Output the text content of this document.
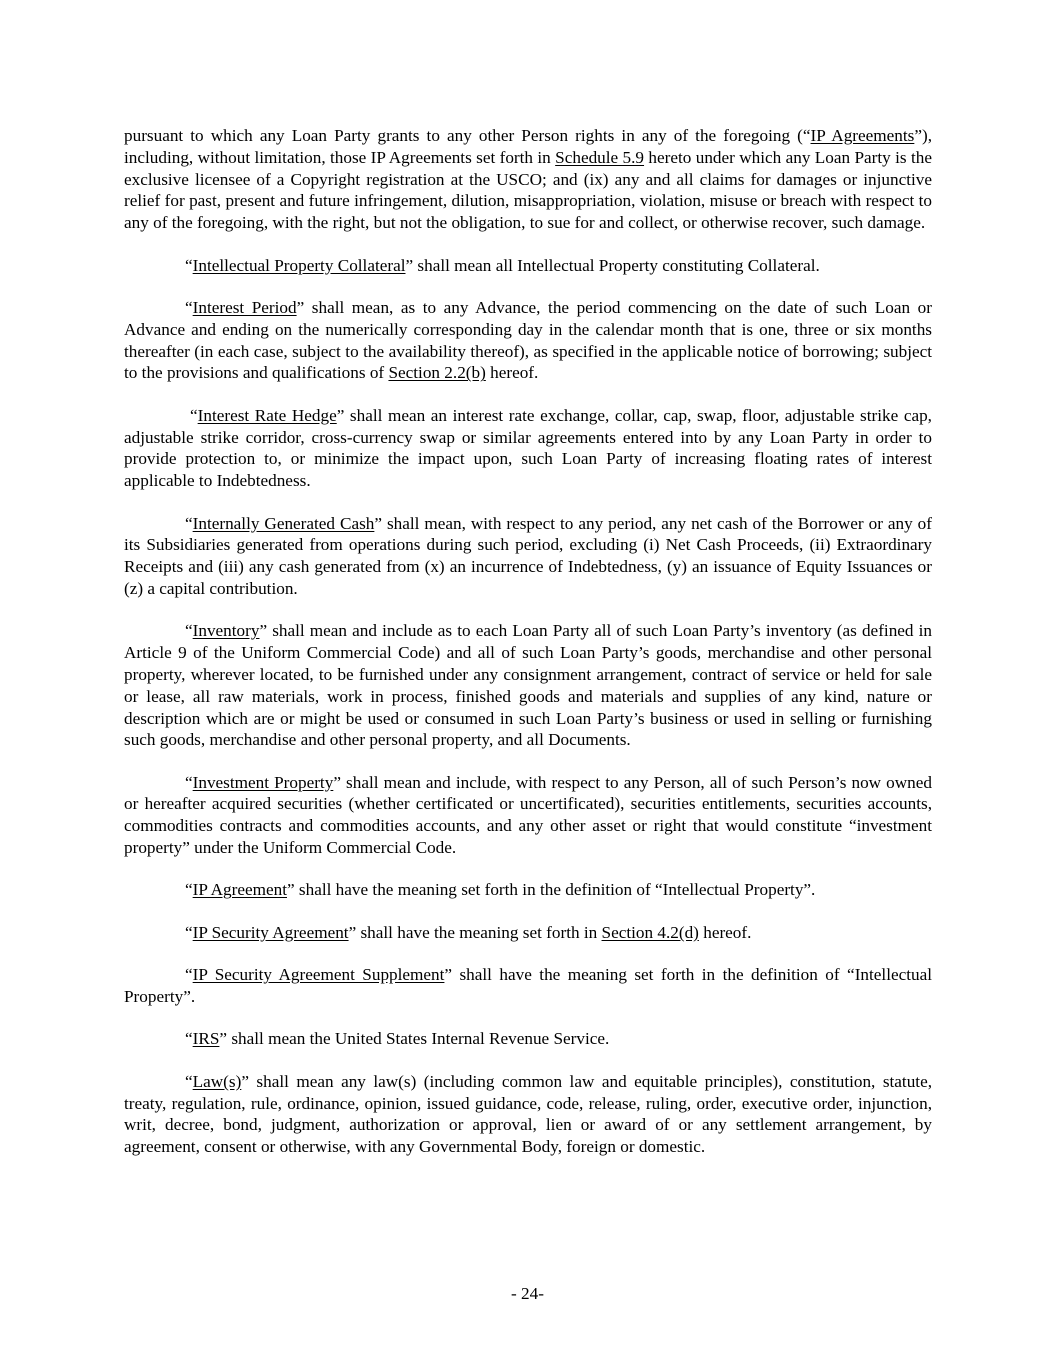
pursuant to which any Loan Party grants to any other Person rights in any of the foregoing (“IP Agreements”), including, without limitation, those IP Agreements set forth in Schedule 5.9 hereto under which any Loan Party is the exclusive licensee of a Copyright registration at the USCO; and (ix) any and all claims for damages or injunctive relief for past, present and future infringement, dilution, misappropriation, violation, misuse or breach with respect to any of the foregoing, with the right, but not the obligation, to sue for and collect, or otherwise recover, such damage.

“Intellectual Property Collateral” shall mean all Intellectual Property constituting Collateral.

“Interest Period” shall mean, as to any Advance, the period commencing on the date of such Loan or Advance and ending on the numerically corresponding day in the calendar month that is one, three or six months thereafter (in each case, subject to the availability thereof), as specified in the applicable notice of borrowing; subject to the provisions and qualifications of Section 2.2(b) hereof.

“Interest Rate Hedge” shall mean an interest rate exchange, collar, cap, swap, floor, adjustable strike cap, adjustable strike corridor, cross-currency swap or similar agreements entered into by any Loan Party in order to provide protection to, or minimize the impact upon, such Loan Party of increasing floating rates of interest applicable to Indebtedness.

“Internally Generated Cash” shall mean, with respect to any period, any net cash of the Borrower or any of its Subsidiaries generated from operations during such period, excluding (i) Net Cash Proceeds, (ii) Extraordinary Receipts and (iii) any cash generated from (x) an incurrence of Indebtedness, (y) an issuance of Equity Issuances or (z) a capital contribution.

“Inventory” shall mean and include as to each Loan Party all of such Loan Party’s inventory (as defined in Article 9 of the Uniform Commercial Code) and all of such Loan Party’s goods, merchandise and other personal property, wherever located, to be furnished under any consignment arrangement, contract of service or held for sale or lease, all raw materials, work in process, finished goods and materials and supplies of any kind, nature or description which are or might be used or consumed in such Loan Party’s business or used in selling or furnishing such goods, merchandise and other personal property, and all Documents.

“Investment Property” shall mean and include, with respect to any Person, all of such Person’s now owned or hereafter acquired securities (whether certificated or uncertificated), securities entitlements, securities accounts, commodities contracts and commodities accounts, and any other asset or right that would constitute “investment property” under the Uniform Commercial Code.

“IP Agreement” shall have the meaning set forth in the definition of “Intellectual Property”.

“IP Security Agreement” shall have the meaning set forth in Section 4.2(d) hereof.

“IP Security Agreement Supplement” shall have the meaning set forth in the definition of “Intellectual Property”.

“IRS” shall mean the United States Internal Revenue Service.

“Law(s)” shall mean any law(s) (including common law and equitable principles), constitution, statute, treaty, regulation, rule, ordinance, opinion, issued guidance, code, release, ruling, order, executive order, injunction, writ, decree, bond, judgment, authorization or approval, lien or award of or any settlement arrangement, by agreement, consent or otherwise, with any Governmental Body, foreign or domestic.

- 24-
